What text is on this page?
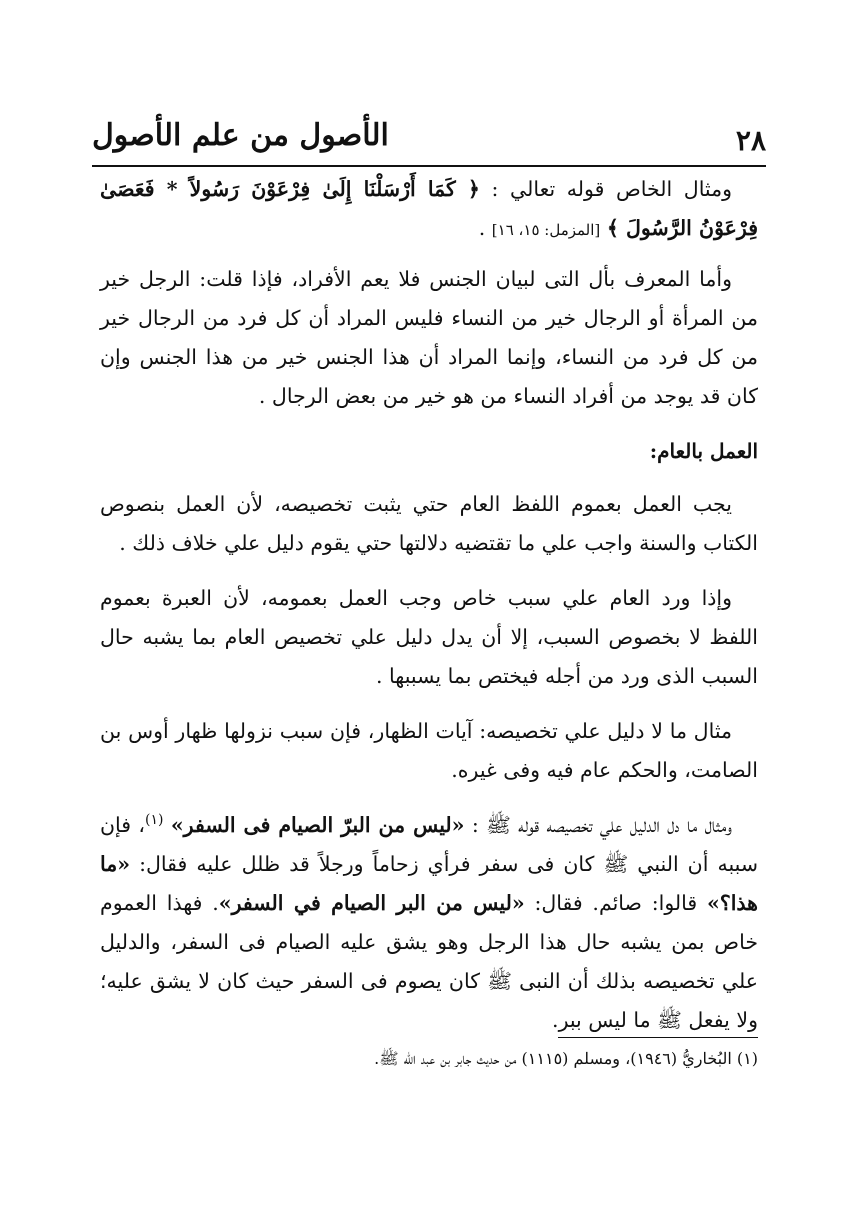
٢٨
الأصول من علم الأصول

ومثال الخاص قوله تعالي : ﴿ كَمَا أَرْسَلْنَا إِلَىٰ فِرْعَوْنَ رَسُولاً * فَعَصَىٰ فِرْعَوْنُ الرَّسُولَ ﴾ [المزمل: ١٥، ١٦] .

وأما المعرف بأل التى لبيان الجنس فلا يعم الأفراد، فإذا قلت: الرجل خير من المرأة أو الرجال خير من النساء فليس المراد أن كل فرد من الرجال خير من كل فرد من النساء، وإنما المراد أن هذا الجنس خير من هذا الجنس وإن كان قد يوجد من أفراد النساء من هو خير من بعض الرجال .

العمل بالعام:

يجب العمل بعموم اللفظ العام حتي يثبت تخصيصه، لأن العمل بنصوص الكتاب والسنة واجب علي ما تقتضيه دلالتها حتي يقوم دليل علي خلاف ذلك .

وإذا ورد العام علي سبب خاص وجب العمل بعمومه، لأن العبرة بعموم اللفظ لا بخصوص السبب، إلا أن يدل دليل علي تخصيص العام بما يشبه حال السبب الذى ورد من أجله فيختص بما يسببها .

مثال ما لا دليل علي تخصيصه: آيات الظهار، فإن سبب نزولها ظهار أوس بن الصامت، والحكم عام فيه وفى غيره.

ومثال ما دل الدليل علي تخصيصه قوله ﷺ : «ليس من البرّ الصيام فى السفر» $^{(١)}$، فإن سببه أن النبي ﷺ كان فى سفر فرأي زحاماً ورجلاً قد ظلل عليه فقال: «ما هذا؟» قالوا: صائم. فقال: «ليس من البر الصيام في السفر». فهذا العموم خاص بمن يشبه حال هذا الرجل وهو يشق عليه الصيام فى السفر، والدليل علي تخصيصه بذلك أن النبى ﷺ كان يصوم فى السفر حيث كان لا يشق عليه؛ ولا يفعل ﷺ ما ليس ببر.

(١) البُخاريُّ (١٩٤٦)، ومسلم (١١١٥) من حديث جابر بن عبد الله ﷺ.
